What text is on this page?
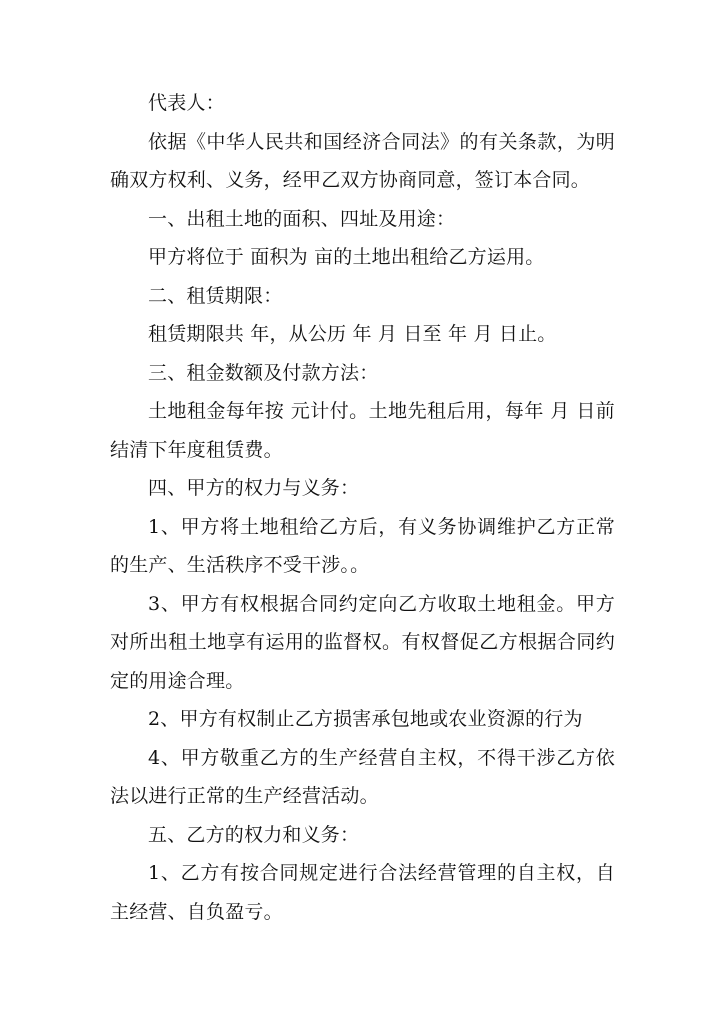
代表人：

依据《中华人民共和国经济合同法》的有关条款，为明确双方权利、义务，经甲乙双方协商同意，签订本合同。

一、出租土地的面积、四址及用途：

甲方将位于 面积为 亩的土地出租给乙方运用。

二、租赁期限：

租赁期限共 年，从公历 年 月 日至 年 月 日止。

三、租金数额及付款方法：

土地租金每年按 元计付。土地先租后用，每年 月 日前结清下年度租赁费。

四、甲方的权力与义务：

1、甲方将土地租给乙方后，有义务协调维护乙方正常的生产、生活秩序不受干涉。。

3、甲方有权根据合同约定向乙方收取土地租金。甲方对所出租土地享有运用的监督权。有权督促乙方根据合同约定的用途合理。

2、甲方有权制止乙方损害承包地或农业资源的行为

4、甲方敬重乙方的生产经营自主权，不得干涉乙方依法以进行正常的生产经营活动。

五、乙方的权力和义务：

1、乙方有按合同规定进行合法经营管理的自主权，自主经营、自负盈亏。
